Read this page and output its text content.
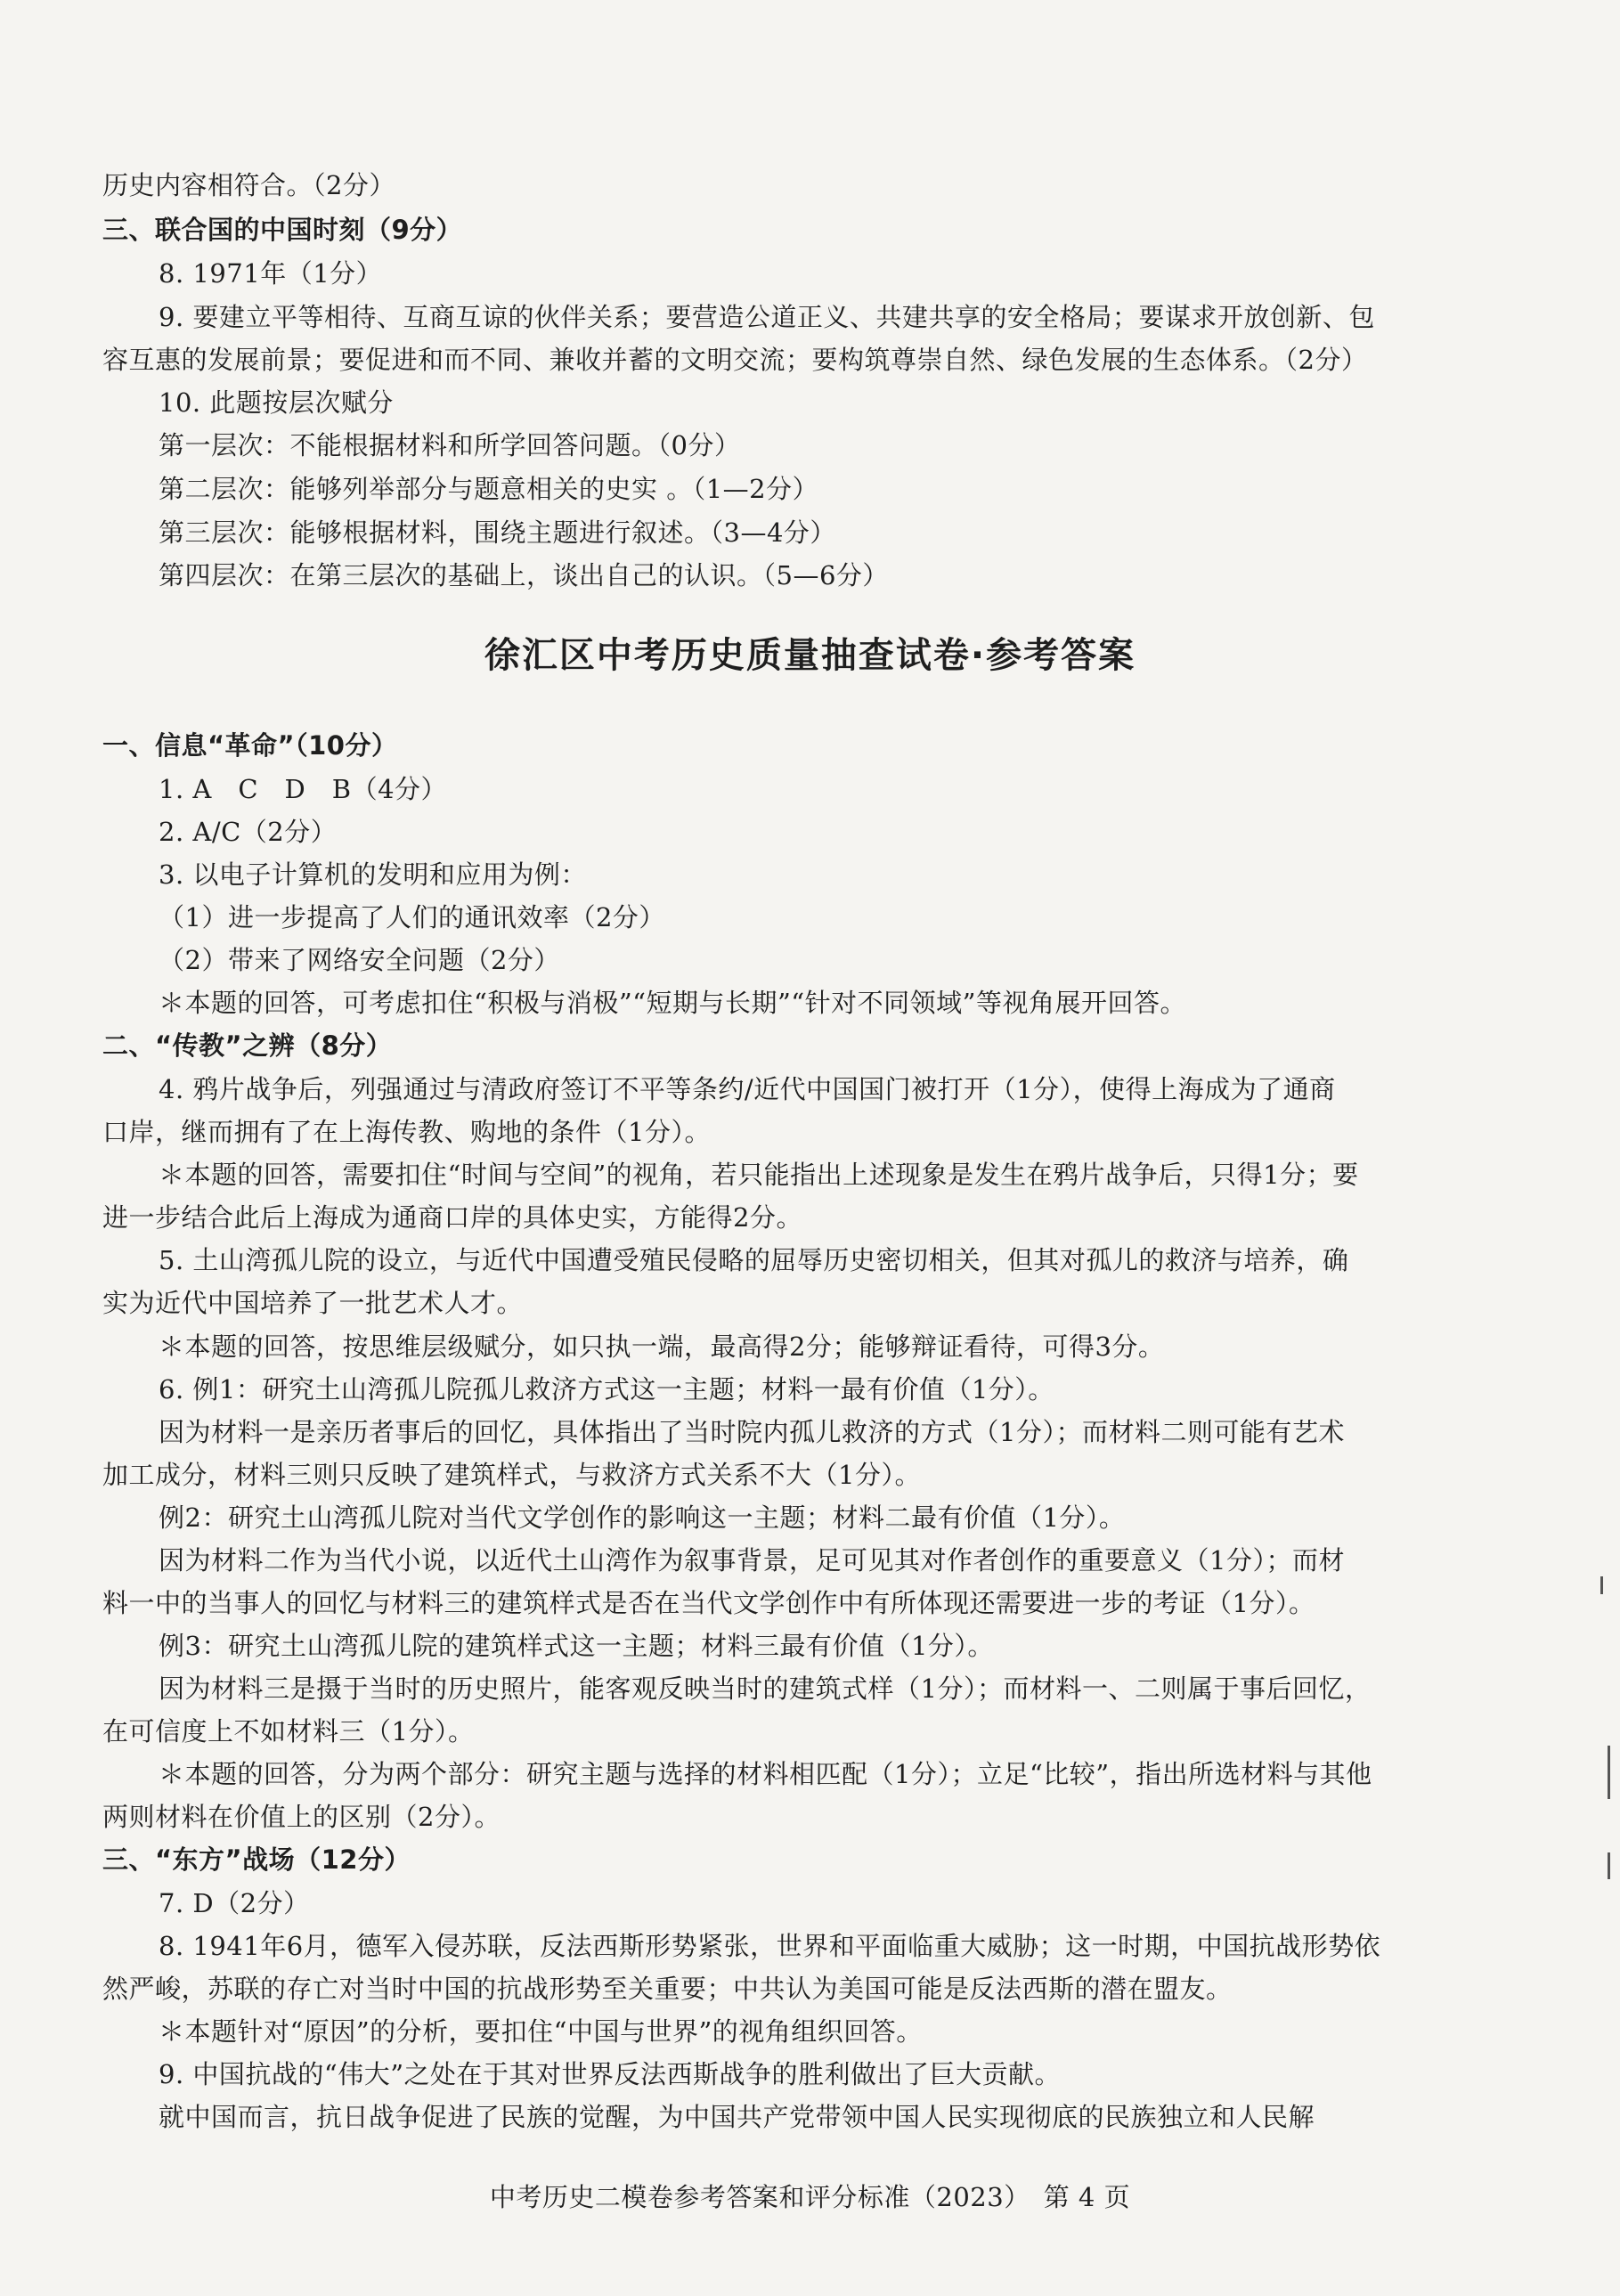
历史内容相符合。（2分）
三、联合国的中国时刻（9分）
8. 1971年（1分）
9. 要建立平等相待、互商互谅的伙伴关系；要营造公道正义、共建共享的安全格局；要谋求开放创新、包
容互惠的发展前景；要促进和而不同、兼收并蓄的文明交流；要构筑尊崇自然、绿色发展的生态体系。（2分）
10. 此题按层次赋分
第一层次：不能根据材料和所学回答问题。（0分）
第二层次：能够列举部分与题意相关的史实 。（1—2分）
第三层次：能够根据材料，围绕主题进行叙述。（3—4分）
第四层次：在第三层次的基础上，谈出自己的认识。（5—6分）
徐汇区中考历史质量抽查试卷·参考答案
一、信息“革命”（10分）
1. A　C　D　B（4分）
2. A/C（2分）
3. 以电子计算机的发明和应用为例：
（1）进一步提高了人们的通讯效率（2分）
（2）带来了网络安全问题（2分）
＊本题的回答，可考虑扣住“积极与消极”“短期与长期”“针对不同领域”等视角展开回答。
二、“传教”之辨（8分）
4. 鸦片战争后，列强通过与清政府签订不平等条约/近代中国国门被打开（1分），使得上海成为了通商
口岸，继而拥有了在上海传教、购地的条件（1分）。
＊本题的回答，需要扣住“时间与空间”的视角，若只能指出上述现象是发生在鸦片战争后，只得1分；要
进一步结合此后上海成为通商口岸的具体史实，方能得2分。
5. 土山湾孤儿院的设立，与近代中国遭受殖民侵略的屈辱历史密切相关，但其对孤儿的救济与培养，确
实为近代中国培养了一批艺术人才。
＊本题的回答，按思维层级赋分，如只执一端，最高得2分；能够辩证看待，可得3分。
6. 例1：研究土山湾孤儿院孤儿救济方式这一主题；材料一最有价值（1分）。
因为材料一是亲历者事后的回忆，具体指出了当时院内孤儿救济的方式（1分）；而材料二则可能有艺术
加工成分，材料三则只反映了建筑样式，与救济方式关系不大（1分）。
例2：研究土山湾孤儿院对当代文学创作的影响这一主题；材料二最有价值（1分）。
因为材料二作为当代小说，以近代土山湾作为叙事背景，足可见其对作者创作的重要意义（1分）；而材
料一中的当事人的回忆与材料三的建筑样式是否在当代文学创作中有所体现还需要进一步的考证（1分）。
例3：研究土山湾孤儿院的建筑样式这一主题；材料三最有价值（1分）。
因为材料三是摄于当时的历史照片，能客观反映当时的建筑式样（1分）；而材料一、二则属于事后回忆，
在可信度上不如材料三（1分）。
＊本题的回答，分为两个部分：研究主题与选择的材料相匹配（1分）；立足“比较”，指出所选材料与其他
两则材料在价值上的区别（2分）。
三、“东方”战场（12分）
7. D（2分）
8. 1941年6月，德军入侵苏联，反法西斯形势紧张，世界和平面临重大威胁；这一时期，中国抗战形势依
然严峻，苏联的存亡对当时中国的抗战形势至关重要；中共认为美国可能是反法西斯的潜在盟友。
＊本题针对“原因”的分析，要扣住“中国与世界”的视角组织回答。
9. 中国抗战的“伟大”之处在于其对世界反法西斯战争的胜利做出了巨大贡献。
就中国而言，抗日战争促进了民族的觉醒，为中国共产党带领中国人民实现彻底的民族独立和人民解
中考历史二模卷参考答案和评分标准（2023）　第 4 页
